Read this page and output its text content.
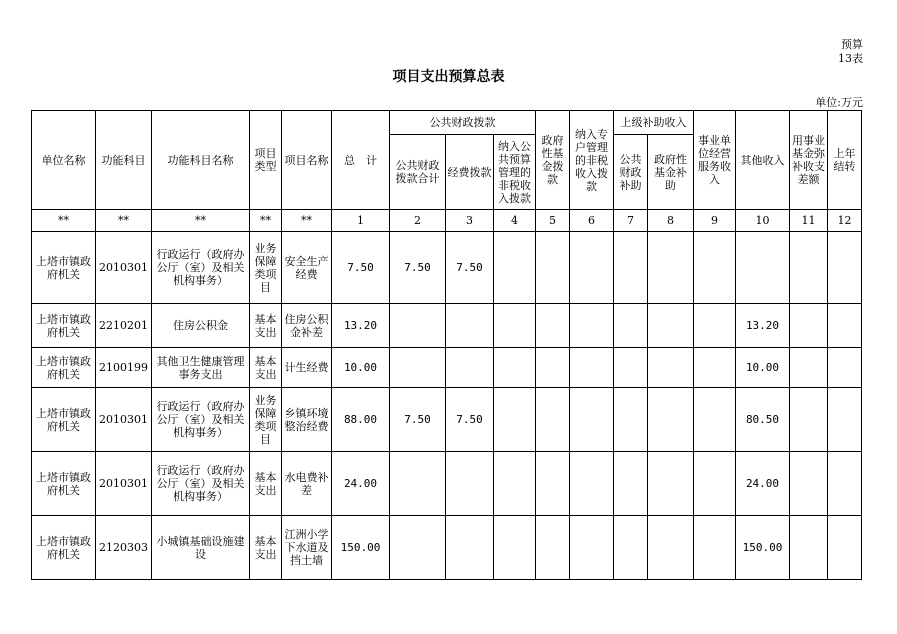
预算
13表
项目支出预算总表
单位:万元
单位名称	功能科目	功能科目名称	项目类型	项目名称	总　计	公共财政拨款			政府性基金拨款	纳入专户管理的非税收入拨款	上级补助收入		事业单位经营服务收入	其他收入	用事业基金弥补收支差额	上年结转
						公共财政拨款合计	经费拨款	纳入公共预算管理的非税收入拨款			公共财政补助	政府性基金补助				
**	**	**	**	**	1	2	3	4	5	6	7	8	9	10	11	12
上塔市镇政府机关	2010301	行政运行（政府办公厅（室）及相关机构事务）	业务保障类项目	安全生产经费	7.50	7.50	7.50									
上塔市镇政府机关	2210201	住房公积金	基本支出	住房公积金补差	13.20									13.20		
上塔市镇政府机关	2100199	其他卫生健康管理事务支出	基本支出	计生经费	10.00									10.00		
上塔市镇政府机关	2010301	行政运行（政府办公厅（室）及相关机构事务）	业务保障类项目	乡镇环境整治经费	88.00	7.50	7.50							80.50		
上塔市镇政府机关	2010301	行政运行（政府办公厅（室）及相关机构事务）	基本支出	水电费补差	24.00									24.00		
上塔市镇政府机关	2120303	小城镇基础设施建设	基本支出	江洲小学下水道及挡土墙	150.00									150.00		
